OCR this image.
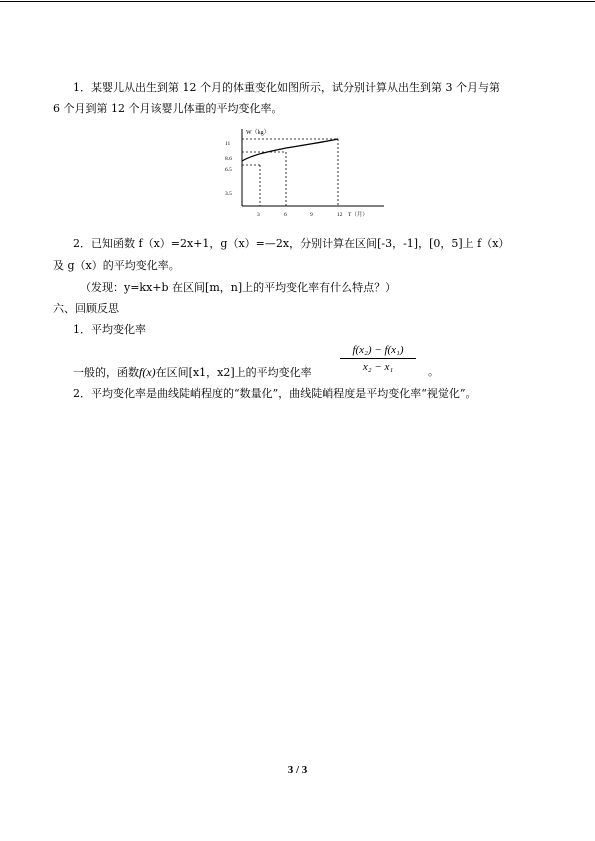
1．某婴儿从出生到第 12 个月的体重变化如图所示，试分别计算从出生到第 3 个月与第
6 个月到第 12 个月该婴儿体重的平均变化率。
W（kg）
T（月）
11
8.6
6.5
3.5
3	6	9	12
2．已知函数 f（x）=2x+1，g（x）=—2x，分别计算在区间[-3，-1]，[0，5]上 f（x）
及 g（x）的平均变化率。
（发现：y=kx+b 在区间[m，n]上的平均变化率有什么特点？）
六、回顾反思
1．平均变化率
一般的，函数f(x)在区间[x1，x2]上的平均变化率
f(x₂) − f(x₁)
x₂ − x₁	。
2．平均变化率是曲线陡峭程度的“数量化”，曲线陡峭程度是平均变化率“视觉化”。
3 / 3
